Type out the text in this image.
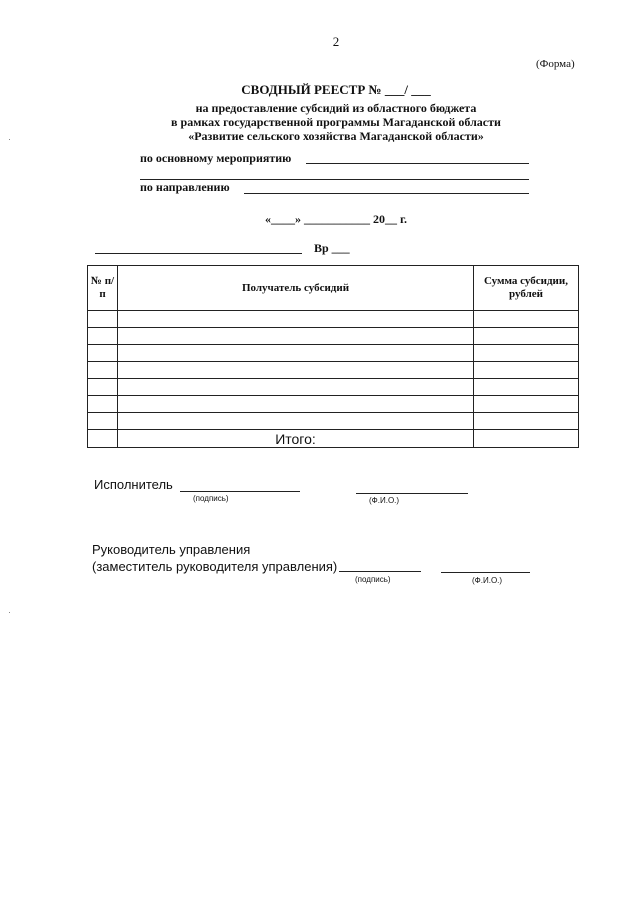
2
(Форма)
СВОДНЫЙ РЕЕСТР № ___/ ___
на предоставление субсидий из областного бюджета
в рамках государственной программы Магаданской области
«Развитие сельского хозяйства Магаданской области»
по основному мероприятию
по направлению
«____» ___________ 20__ г.
Вр ___
№ п/п	Получатель субсидий	Сумма субсидии, рублей

	Итого:	
Исполнитель
(подпись)	(Ф.И.О.)
Руководитель управления
(заместитель руководителя управления)
(подпись)	(Ф.И.О.)
